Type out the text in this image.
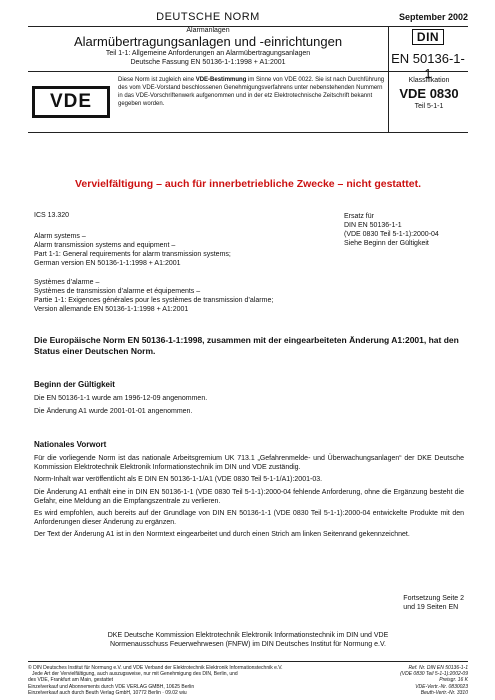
DEUTSCHE NORM	September 2002
Alarmanlagen
Alarmübertragungsanlagen und -einrichtungen
Teil 1-1: Allgemeine Anforderungen an Alarmübertragungsanlagen
Deutsche Fassung EN 50136-1-1:1998 + A1:2001
DIN
EN 50136-1-1
VDE
Diese Norm ist zugleich eine VDE-Bestimmung im Sinne von VDE 0022. Sie ist nach Durchführung des vom VDE-Vorstand beschlossenen Genehmigungsverfahrens unter nebenstehenden Nummern in das VDE-Vorschriftenwerk aufgenommen und in der etz Elektrotechnische Zeitschrift bekannt gegeben worden.
Klassifikation
VDE 0830
Teil 5-1-1
Vervielfältigung – auch für innerbetriebliche Zwecke – nicht gestattet.
ICS 13.320	Ersatz für
DIN EN 50136-1-1
(VDE 0830 Teil 5-1-1):2000-04
Siehe Beginn der Gültigkeit
Alarm systems –
Alarm transmission systems and equipment –
Part 1-1: General requirements for alarm transmission systems;
German version EN 50136-1-1:1998 + A1:2001
Systèmes d’alarme –
Systèmes de transmission d’alarme et équipements –
Partie 1-1: Exigences générales pour les systèmes de transmission d’alarme;
Version allemande EN 50136-1-1:1998 + A1:2001
Die Europäische Norm EN 50136-1-1:1998, zusammen mit der eingearbeiteten Änderung A1:2001, hat den Status einer Deutschen Norm.
Beginn der Gültigkeit
Die EN 50136-1-1 wurde am 1996-12-09 angenommen.
Die Änderung A1 wurde 2001-01-01 angenommen.
Nationales Vorwort
Für die vorliegende Norm ist das nationale Arbeitsgremium UK 713.1 „Gefahrenmelde- und Überwachungsanlagen“ der DKE Deutsche Kommission Elektrotechnik Elektronik Informationstechnik im DIN und VDE zuständig.
Norm-Inhalt war veröffentlicht als E DIN EN 50136-1-1/A1 (VDE 0830 Teil 5-1-1/A1):2001-03.
Die Änderung A1 enthält eine in DIN EN 50136-1-1 (VDE 0830 Teil 5-1-1):2000-04 fehlende Anforderung, ohne die Ergänzung besteht die Gefahr, eine Meldung an die Empfangszentrale zu verlieren.
Es wird empfohlen, auch bereits auf der Grundlage von DIN EN 50136-1-1 (VDE 0830 Teil 5-1-1):2000-04 entwickelte Produkte mit den Anforderungen dieser Änderung zu ergänzen.
Der Text der Änderung A1 ist in den Normtext eingearbeitet und durch einen Strich am linken Seitenrand gekennzeichnet.
Fortsetzung Seite 2
und 19 Seiten EN
DKE Deutsche Kommission Elektrotechnik Elektronik Informationstechnik im DIN und VDE
Normenausschuss Feuerwehrwesen (FNFW) im DIN Deutsches Institut für Normung e.V.
© DIN Deutsches Institut für Normung e.V. und VDE Verband der Elektrotechnik Elektronik Informationstechnik e.V.
Jede Art der Vervielfältigung, auch auszugsweise, nur mit Genehmigung des DIN, Berlin, und
des VDE, Frankfurt am Main, gestattet
Einzelverkauf und Abonnements durch VDE VERLAG GMBH, 10625 Berlin
Einzelverkauf auch durch Beuth Verlag GmbH, 10772 Berlin · 09.02 wiu
Ref. Nr. DIN EN 50136-1-1
(VDE 0830 Teil 5-1-1):2002-09
Preisgr. 16 K
VDE-Vertr.-Nr. 0830023
Beuth-Vertr.-Nr. 3310
